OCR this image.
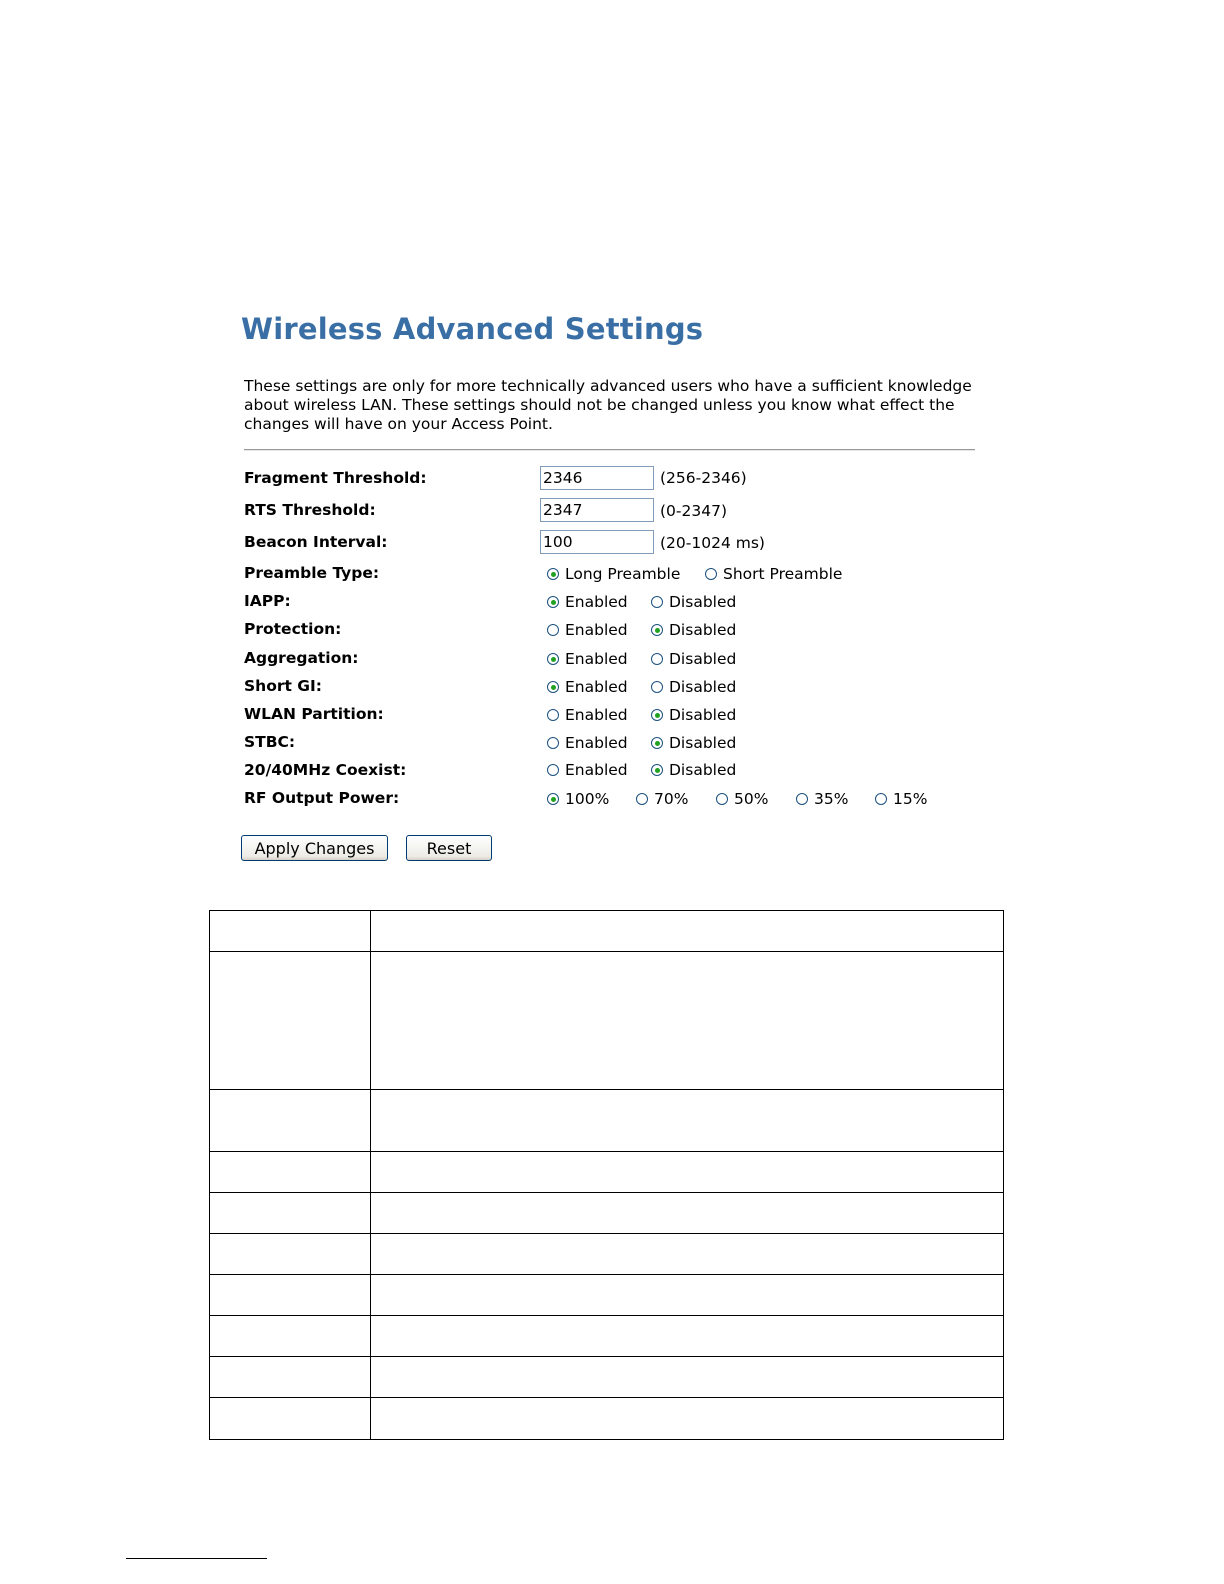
Wireless Advanced Settings
These settings are only for more technically advanced users who have a sufficient knowledge about wireless LAN. These settings should not be changed unless you know what effect the changes will have on your Access Point.
Fragment Threshold:
2346	(256-2346)
RTS Threshold:
2347	(0-2347)
Beacon Interval:
100	(20-1024 ms)
Preamble Type:	Long Preamble	Short Preamble
IAPP:	Enabled	Disabled
Protection:	Enabled	Disabled
Aggregation:	Enabled	Disabled
Short GI:	Enabled	Disabled
WLAN Partition:	Enabled	Disabled
STBC:	Enabled	Disabled
20/40MHz Coexist:	Enabled	Disabled
RF Output Power:	100%	70%	50%	35%	15%
Apply Changes	Reset
